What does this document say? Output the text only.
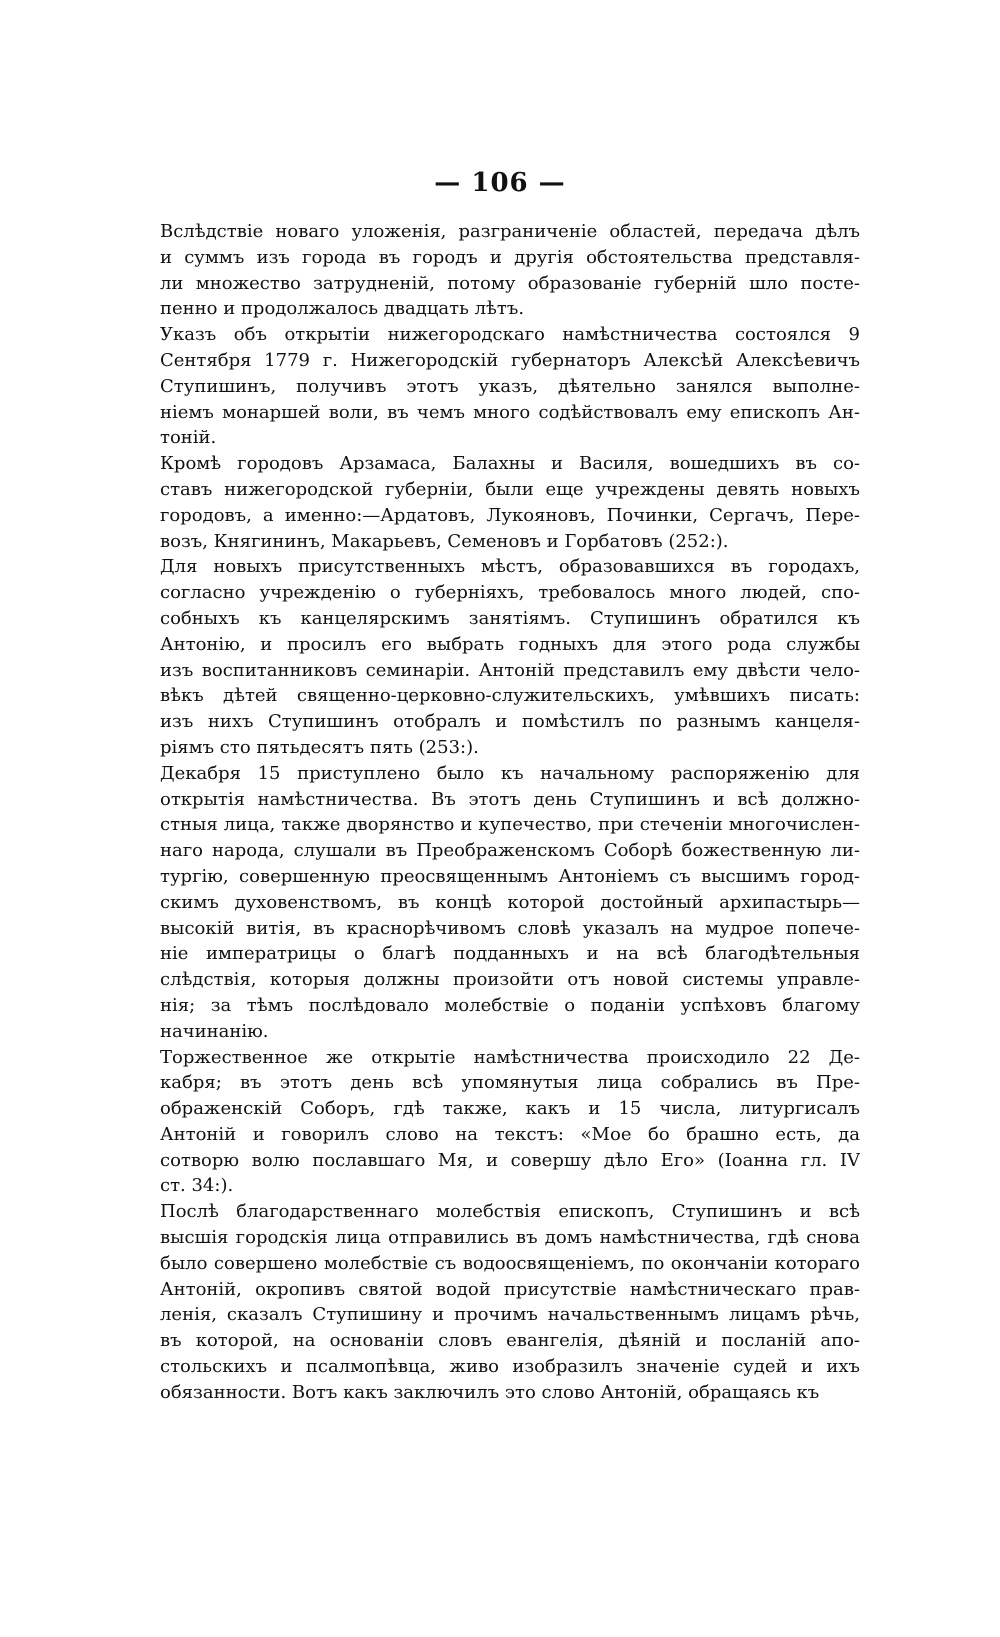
— 106 —
Вслѣдствіе новаго уложенія, разграниченіе областей, передача дѣлъ
и суммъ изъ города въ городъ и другія обстоятельства представля-
ли множество затрудненій, потому образованіе губерній шло посте-
пенно и продолжалось двадцать лѣтъ.
Указъ объ открытіи нижегородскаго намѣстничества состоялся 9
Сентября 1779 г. Нижегородскій губернаторъ Алексѣй Алексѣевичъ
Ступишинъ, получивъ этотъ указъ, дѣятельно занялся выполне-
ніемъ монаршей воли, въ чемъ много содѣйствовалъ ему епископъ Ан-
тоній.
Кромѣ городовъ Арзамаса, Балахны и Василя, вошедшихъ въ со-
ставъ нижегородской губерніи, были еще учреждены девять новыхъ
городовъ, а именно:—Ардатовъ, Лукояновъ, Починки, Сергачъ, Пере-
возъ, Княгининъ, Макарьевъ, Семеновъ и Горбатовъ (252:).
Для новыхъ присутственныхъ мѣстъ, образовавшихся въ городахъ,
согласно учрежденію о губерніяхъ, требовалось много людей, спо-
собныхъ къ канцелярскимъ занятіямъ. Ступишинъ обратился къ
Антонію, и просилъ его выбрать годныхъ для этого рода службы
изъ воспитанниковъ семинаріи. Антоній представилъ ему двѣсти чело-
вѣкъ дѣтей священно-церковно-служительскихъ, умѣвшихъ писать:
изъ нихъ Ступишинъ отобралъ и помѣстилъ по разнымъ канцеля-
ріямъ сто пятьдесятъ пять (253:).
Декабря 15 приступлено было къ начальному распоряженію для
открытія намѣстничества. Въ этотъ день Ступишинъ и всѣ должно-
стныя лица, также дворянство и купечество, при стеченіи многочислен-
наго народа, слушали въ Преображенскомъ Соборѣ божественную ли-
тургію, совершенную преосвященнымъ Антоніемъ съ высшимъ город-
скимъ духовенствомъ, въ концѣ которой достойный архипастырь—
высокій витія, въ краснорѣчивомъ словѣ указалъ на мудрое попече-
ніе императрицы о благѣ подданныхъ и на всѣ благодѣтельныя
слѣдствія, которыя должны произойти отъ новой системы управле-
нія; за тѣмъ послѣдовало молебствіе о поданіи успѣховъ благому
начинанію.
Торжественное же открытіе намѣстничества происходило 22 Де-
кабря; въ этотъ день всѣ упомянутыя лица собрались въ Пре-
ображенскій Соборъ, гдѣ также, какъ и 15 числа, литургисалъ
Антоній и говорилъ слово на текстъ: «Мое бо брашно есть, да
сотворю волю пославшаго Мя, и совершу дѣло Его» (Іоанна гл. IV
ст. 34:).
Послѣ благодарственнаго молебствія епископъ, Ступишинъ и всѣ
высшія городскія лица отправились въ домъ намѣстничества, гдѣ снова
было совершено молебствіе съ водоосвященіемъ, по окончаніи котораго
Антоній, окропивъ святой водой присутствіе намѣстническаго прав-
ленія, сказалъ Ступишину и прочимъ начальственнымъ лицамъ рѣчь,
въ которой, на основаніи словъ евангелія, дѣяній и посланій апо-
стольскихъ и псалмопѣвца, живо изобразилъ значеніе судей и ихъ
обязанности. Вотъ какъ заключилъ это слово Антоній, обращаясь къ
